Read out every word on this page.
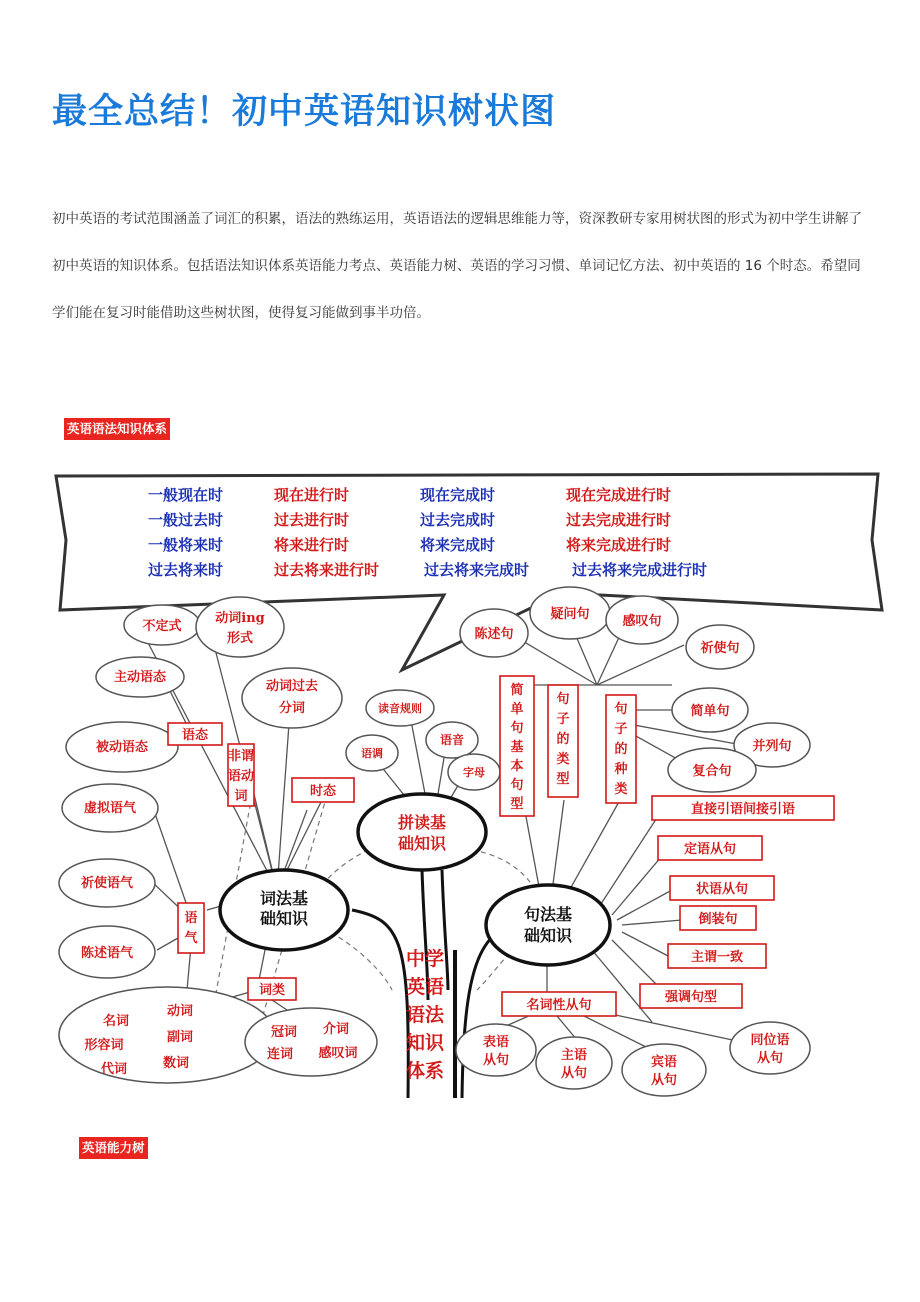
最全总结！初中英语知识树状图

初中英语的考试范围涵盖了词汇的积累，语法的熟练运用，英语语法的逻辑思维能力等，资深教研专家用树状图的形式为初中学生讲解了初中英语的知识体系。包括语法知识体系英语能力考点、英语能力树、英语的学习习惯、单词记忆方法、初中英语的 16 个时态。希望同学们能在复习时能借助这些树状图，使得复习能做到事半功倍。

英语语法知识体系
一般现在时	现在进行时	现在完成时	现在完成进行时
一般过去时	过去进行时	过去完成时	过去完成进行时
一般将来时	将来进行时	将来完成时	将来完成进行时
过去将来时	过去将来进行时	过去将来完成时	过去将来完成进行时
中学
英语
语法
知识
体系
词法基
础知识
拼读基
础知识
句法基
础知识
不定式
动词ing
形式
主动语态
动词过去
分词
语态
被动语态
非谓
语动
词	时态
虚拟语气
祈使语气
语
气
陈述语气
词类
名词
动词
形容词
副词
代词	数词
冠词 介词
连词 感叹词
读音规则
语调
语音
字母
陈述句
疑问句	感叹句
祈使句
简
单
句
基
本
句
型
句
子
的
类
型
句
子
的
种
类
简单句
并列句
复合句
直接引语间接引语
定语从句
状语从句
倒装句
主谓一致
强调句型
名词性从句
表语
从句	主语
从句
宾语
从句
同位语
从句
英语能力树
